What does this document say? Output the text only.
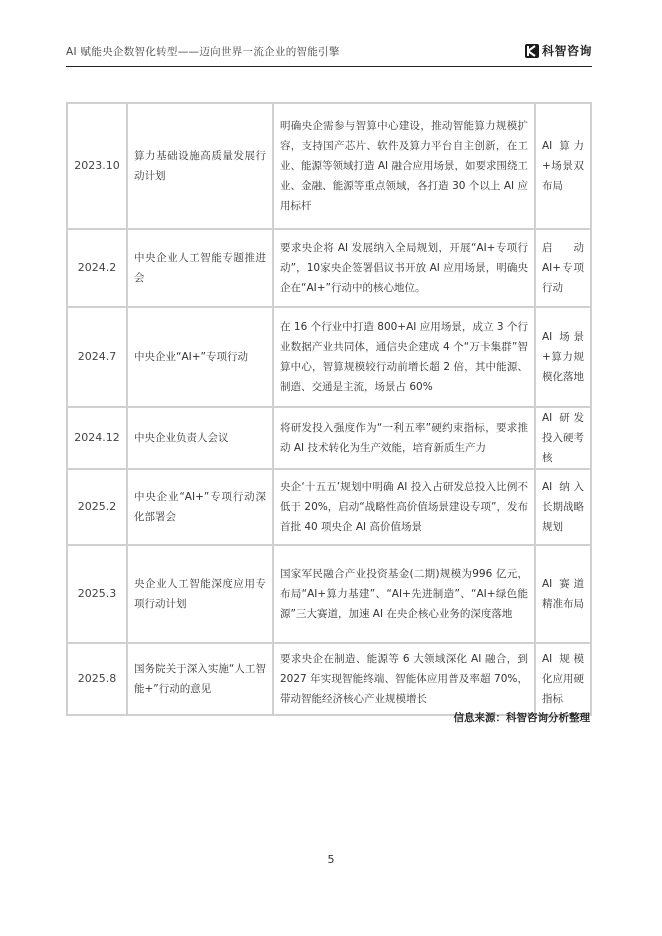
AI 赋能央企数智化转型——迈向世界一流企业的智能引擎	科智咨询
2023.10	算力基础设施高质量发展行动计划	明确央企需参与智算中心建设，推动智能算力规模扩容，支持国产芯片、软件及算力平台自主创新，在工业、能源等领域打造 AI 融合应用场景，如要求围绕工业、金融、能源等重点领域，各打造 30 个以上 AI 应用标杆	AI 算力+场景双布局
2024.2	中央企业人工智能专题推进会	要求央企将 AI 发展纳入全局规划，开展“AI+专项行动”，10家央企签署倡议书开放 AI 应用场景，明确央企在“AI+”行动中的核心地位。	启动 AI+专项行动
2024.7	中央企业“AI+”专项行动	在 16 个行业中打造 800+AI 应用场景，成立 3 个行业数据产业共同体，通信央企建成 4 个“万卡集群”智算中心，智算规模较行动前增长超 2 倍，其中能源、制造、交通是主流，场景占 60%	AI 场景+算力规模化落地
2024.12	中央企业负责人会议	将研发投入强度作为“一利五率”硬约束指标，要求推动 AI 技术转化为生产效能，培育新质生产力	AI 研发投入硬考核
2025.2	中央企业“AI+”专项行动深化部署会	央企‘十五五’规划中明确 AI 投入占研发总投入比例不低于 20%，启动“战略性高价值场景建设专项”，发布首批 40 项央企 AI 高价值场景	AI 纳入长期战略规划
2025.3	央企业人工智能深度应用专项行动计划	国家军民融合产业投资基金(二期)规模为996 亿元，布局“AI+算力基建”、“AI+先进制造”、“AI+绿色能源”三大赛道，加速 AI 在央企核心业务的深度落地	AI 赛道精准布局
2025.8	国务院关于深入实施“人工智能+”行动的意见	要求央企在制造、能源等 6 大领域深化 AI 融合，到 2027 年实现智能终端、智能体应用普及率超 70%，带动智能经济核心产业规模增长	AI 规模化应用硬指标
信息来源：科智咨询分析整理
5
